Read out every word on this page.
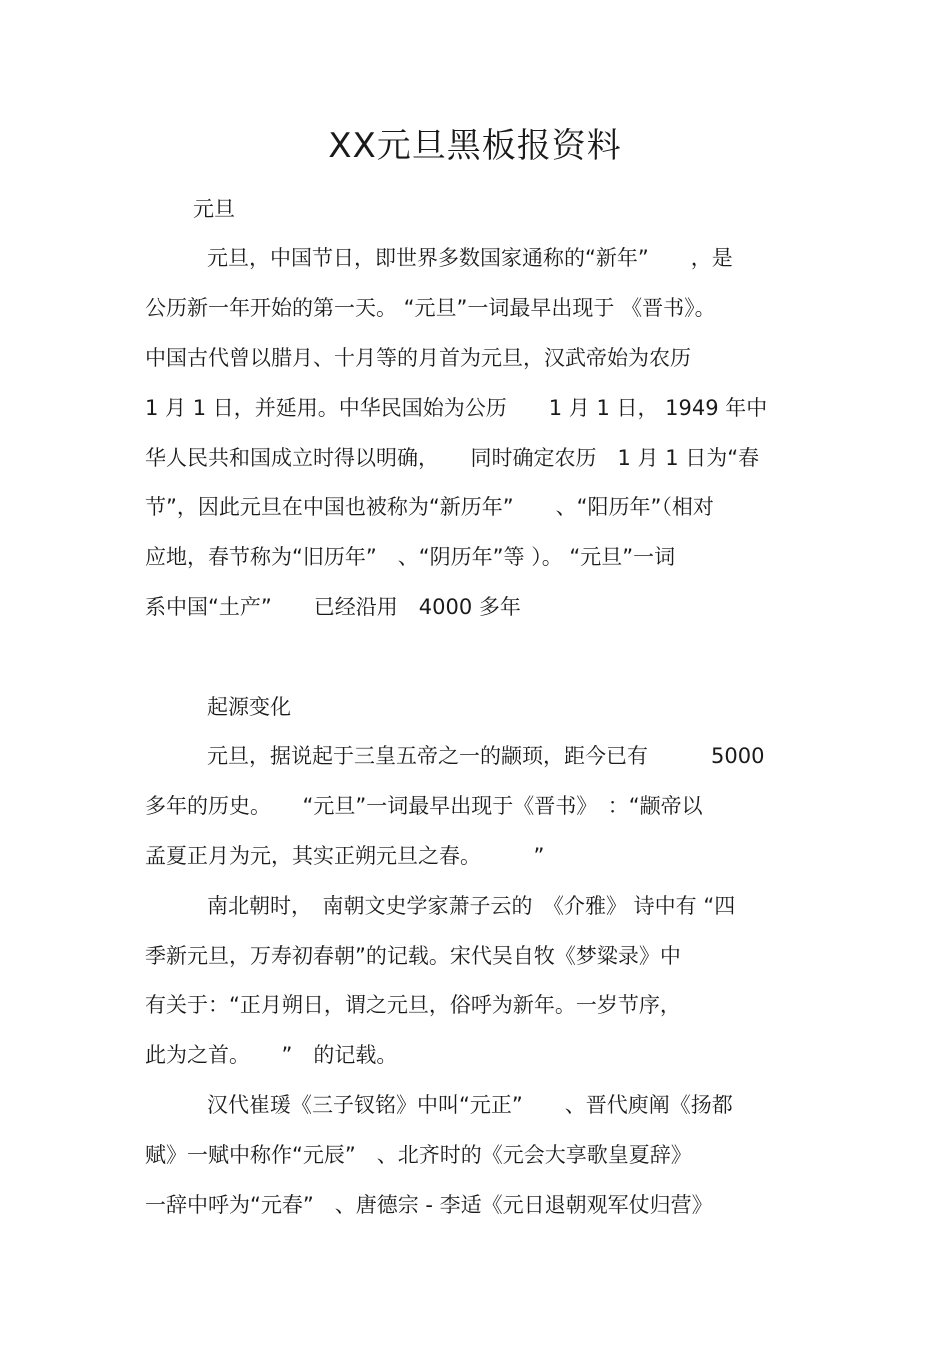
XX元旦黑板报资料

元旦

元旦，中国节日，即世界多数国家通称的“新年”　　，是

公历新一年开始的第一天。 “元旦”一词最早出现于 《晋书》。

中国古代曾以腊月、十月等的月首为元旦，汉武帝始为农历

1 月 1 日，并延用。中华民国始为公历　　1 月 1 日， 1949 年中

华人民共和国成立时得以明确，　　同时确定农历　1 月 1 日为“春

节”，因此元旦在中国也被称为“新历年”　　、“阳历年”（相对

应地，春节称为“旧历年”　、“阴历年”等 ）。 “元旦”一词

系中国“土产”　　已经沿用　4000 多年

起源变化

元旦，据说起于三皇五帝之一的颛顼，距今已有　　　5000

多年的历史。　　“元旦”一词最早出现于《晋书》　：“颛帝以

孟夏正月为元，其实正朔元旦之春。　　　”

南北朝时，　南朝文史学家萧子云的　《介雅》 诗中有 “四

季新元旦，万寿初春朝”的记载。宋代吴自牧《梦粱录》中

有关于：“正月朔日，谓之元旦，俗呼为新年。一岁节序，

此为之首。　　”　的记载。

汉代崔瑗《三子钗铭》中叫“元正”　　、晋代庾阐《扬都

赋》一赋中称作“元辰”　、北齐时的《元会大享歌皇夏辞》

一辞中呼为“元春”　、唐德宗 - 李适《元日退朝观军仗归营》
